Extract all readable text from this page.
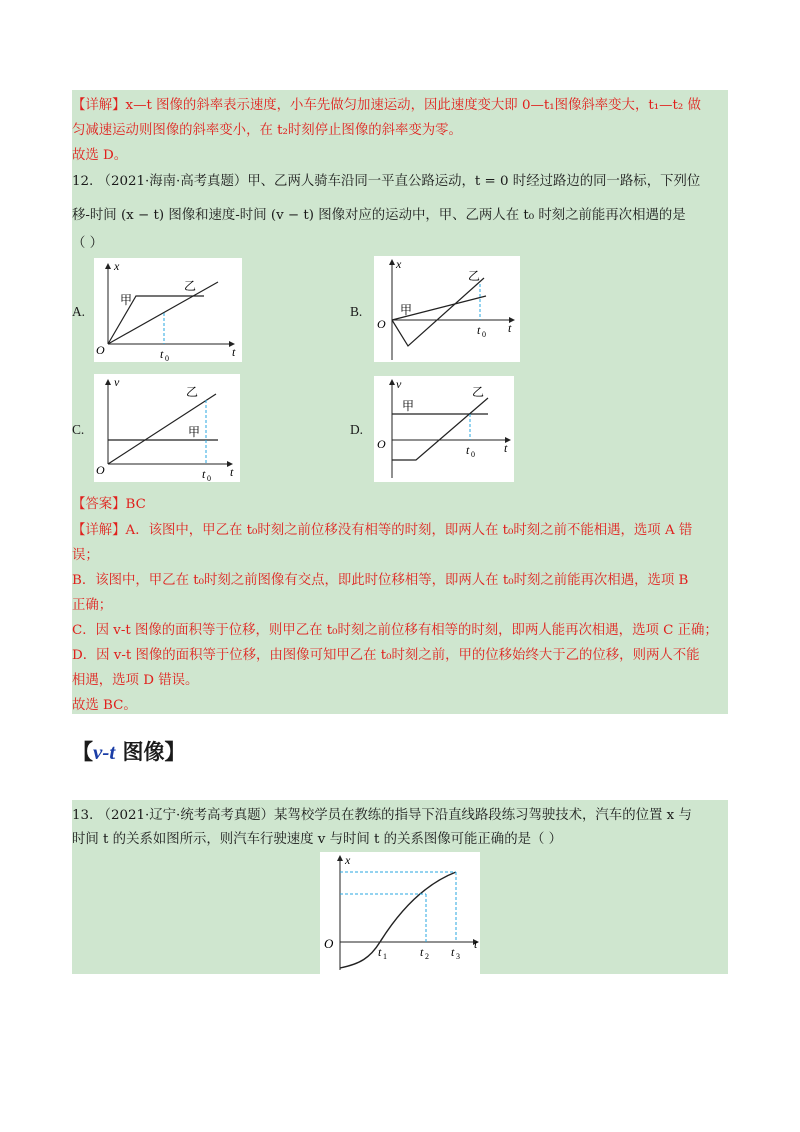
【详解】x—t 图像的斜率表示速度，小车先做匀加速运动，因此速度变大即 0—t₁图像斜率变大，t₁—t₂ 做
匀减速运动则图像的斜率变小，在 t₂时刻停止图像的斜率变为零。
故选 D。
12. （2021·海南·高考真题）甲、乙两人骑车沿同一平直公路运动，t = 0 时经过路边的同一路标，下列位
移-时间 (x − t) 图像和速度-时间 (v − t) 图像对应的运动中，甲、乙两人在 t₀ 时刻之前能再次相遇的是
（ ）
A.	B.
C.	D.
x
t
O	t 0
甲
乙
x
t
O	t 0
甲
乙
v
t
O	t 0
甲
乙
v
t
O	t 0
甲
乙
【答案】BC
【详解】A．该图中，甲乙在 t₀时刻之前位移没有相等的时刻，即两人在 t₀时刻之前不能相遇，选项 A 错
误；
B．该图中，甲乙在 t₀时刻之前图像有交点，即此时位移相等，即两人在 t₀时刻之前能再次相遇，选项 B
正确；
C．因 v-t 图像的面积等于位移，则甲乙在 t₀时刻之前位移有相等的时刻，即两人能再次相遇，选项 C 正确；
D．因 v-t 图像的面积等于位移，由图像可知甲乙在 t₀时刻之前，甲的位移始终大于乙的位移，则两人不能
相遇，选项 D 错误。
故选 BC。
【v-t 图像】
13. （2021·辽宁·统考高考真题）某驾校学员在教练的指导下沿直线路段练习驾驶技术，汽车的位置 x 与
时间 t 的关系如图所示，则汽车行驶速度 v 与时间 t 的关系图像可能正确的是（ ）
x
O	t
t 1	t 2 t 3
